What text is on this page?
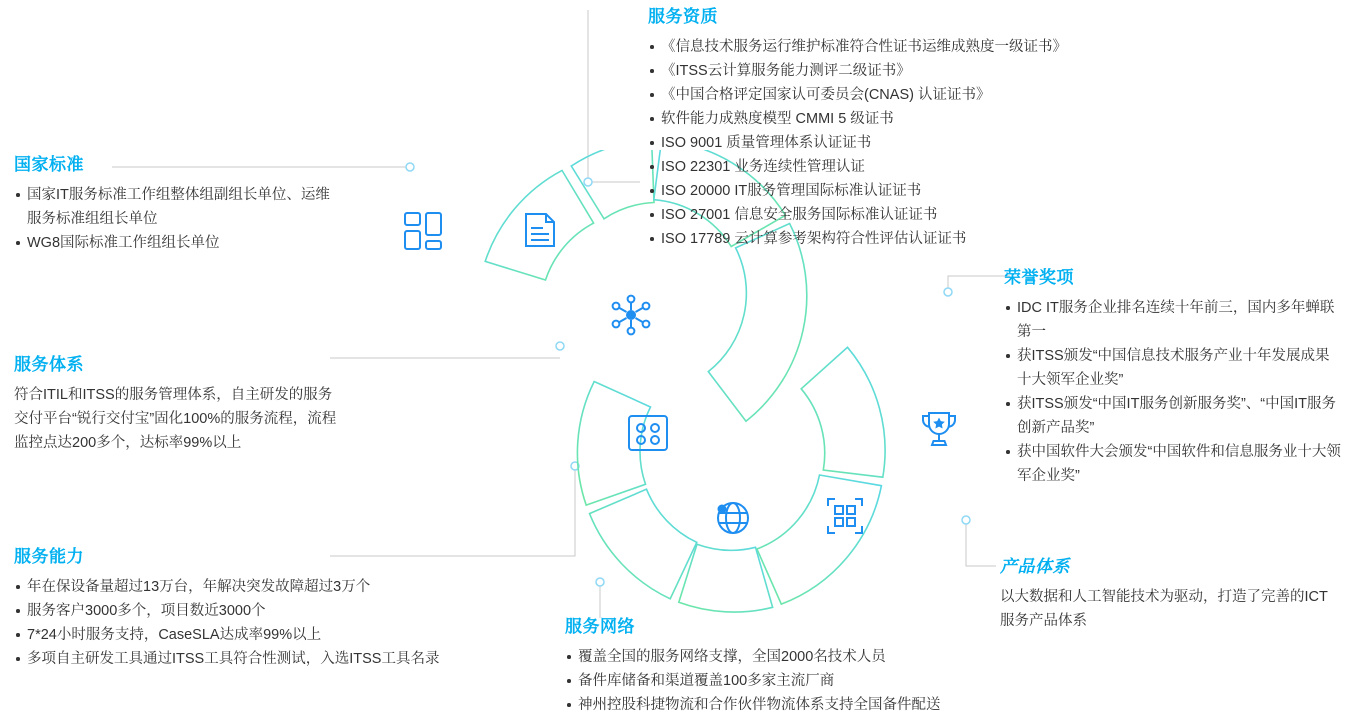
国家标准
国家IT服务标准工作组整体组副组长单位、运维服务标准组组长单位
WG8国际标准工作组组长单位
服务资质
《信息技术服务运行维护标准符合性证书运维成熟度一级证书》
《ITSS云计算服务能力测评二级证书》
《中国合格评定国家认可委员会(CNAS) 认证证书》
软件能力成熟度模型 CMMI 5 级证书
ISO 9001 质量管理体系认证证书
ISO 22301 业务连续性管理认证
ISO 20000 IT服务管理国际标准认证证书
ISO 27001 信息安全服务国际标准认证证书
ISO 17789 云计算参考架构符合性评估认证证书
荣誉奖项
IDC IT服务企业排名连续十年前三，国内多年蝉联第一
获ITSS颁发“中国信息技术服务产业十年发展成果十大领军企业奖”
获ITSS颁发“中国IT服务创新服务奖”、“中国IT服务创新产品奖”
获中国软件大会颁发“中国软件和信息服务业十大领军企业奖”
服务体系

符合ITIL和ITSS的服务管理体系，自主研发的服务交付平台“锐行交付宝”固化100%的服务流程，流程监控点达200多个，达标率99%以上

服务能力
年在保设备量超过13万台，年解决突发故障超过3万个
服务客户3000多个，项目数近3000个
7*24小时服务支持，CaseSLA达成率99%以上
多项自主研发工具通过ITSS工具符合性测试，入选ITSS工具名录
服务网络
覆盖全国的服务网络支撑，全国2000名技术人员
备件库储备和渠道覆盖100多家主流厂商
神州控股科捷物流和合作伙伴物流体系支持全国备件配送
产品体系

以大数据和人工智能技术为驱动，打造了完善的ICT服务产品体系
